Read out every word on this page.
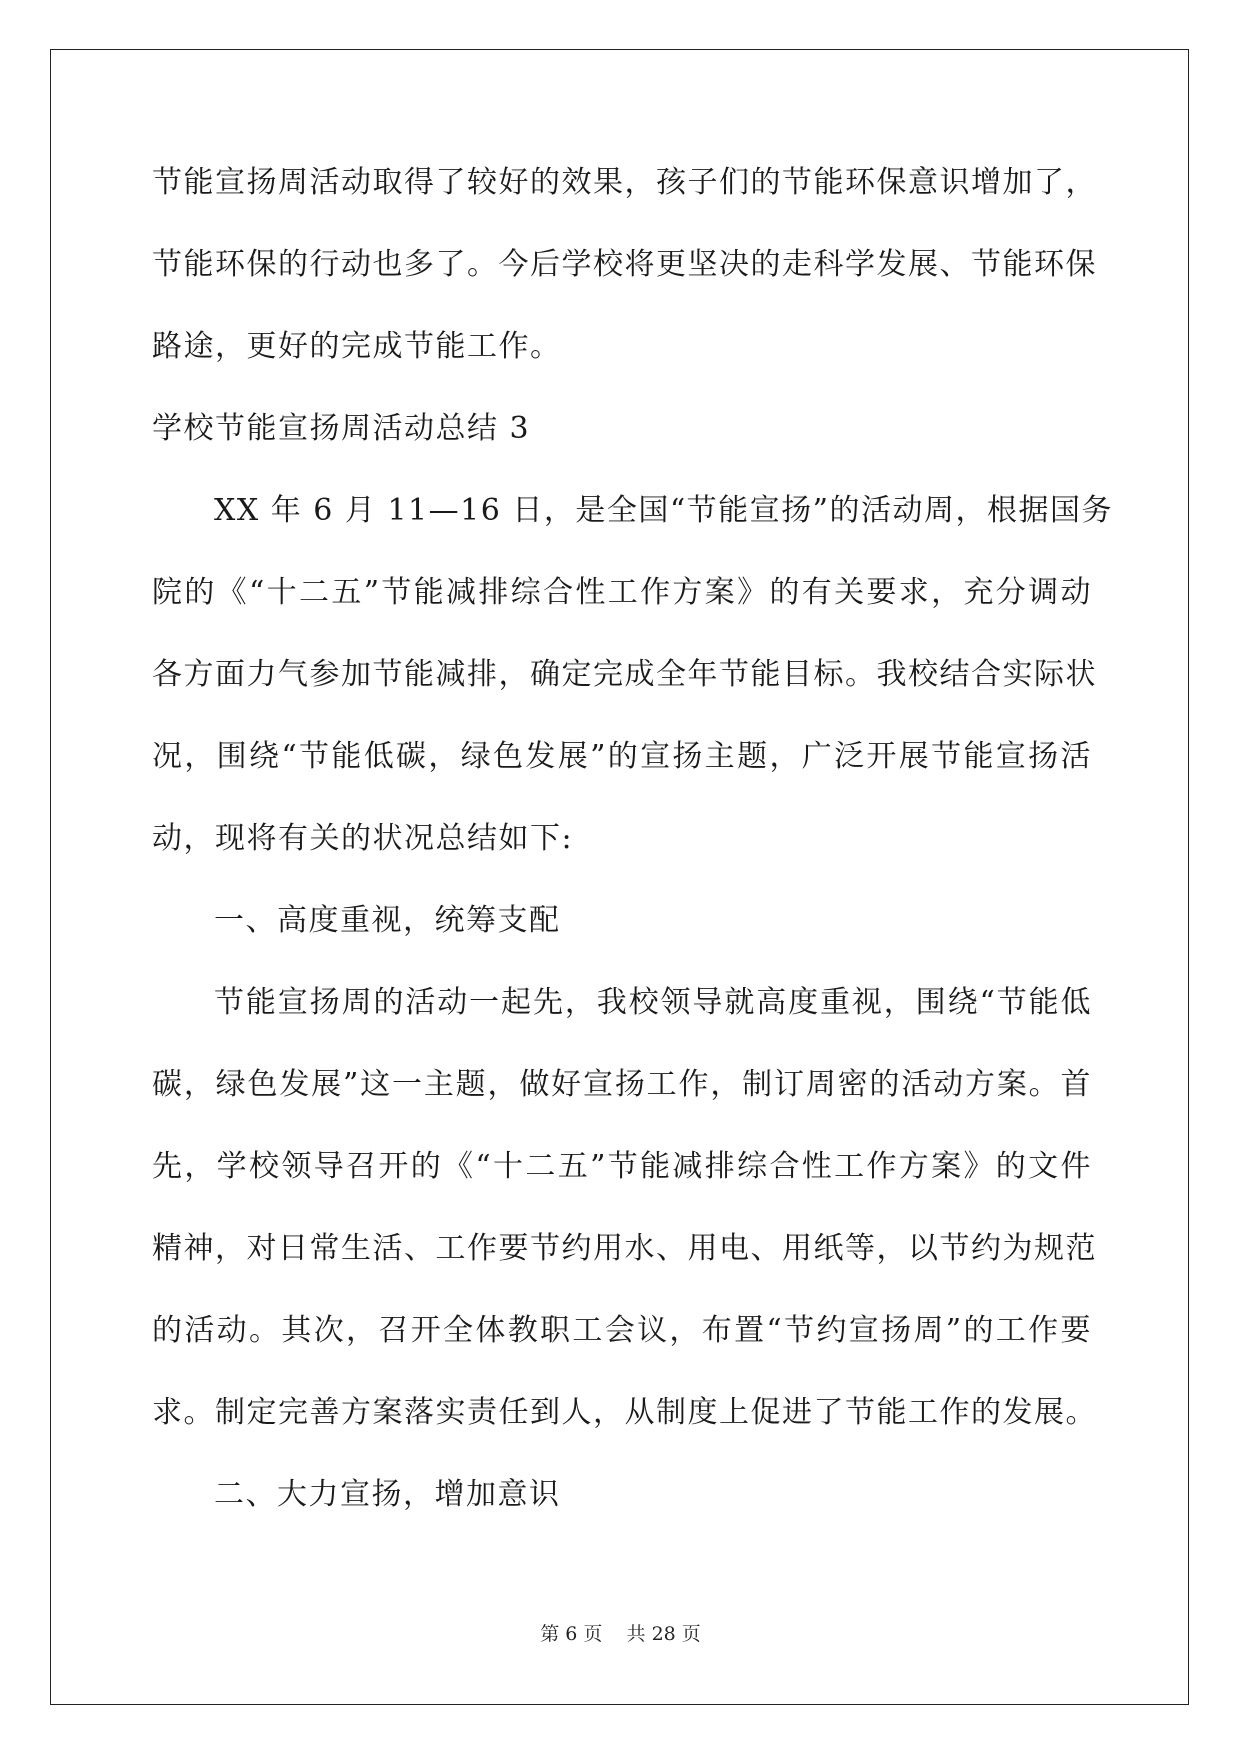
节能宣扬周活动取得了较好的效果，孩子们的节能环保意识增加了，
节能环保的行动也多了。今后学校将更坚决的走科学发展、节能环保
路途，更好的完成节能工作。
学校节能宣扬周活动总结 3
XX 年 6 月 11—16 日，是全国“节能宣扬”的活动周，根据国务
院的《“十二五”节能减排综合性工作方案》的有关要求，充分调动
各方面力气参加节能减排，确定完成全年节能目标。我校结合实际状
况，围绕“节能低碳，绿色发展”的宣扬主题，广泛开展节能宣扬活
动，现将有关的状况总结如下:
一、高度重视，统筹支配
节能宣扬周的活动一起先，我校领导就高度重视，围绕“节能低
碳，绿色发展”这一主题，做好宣扬工作，制订周密的活动方案。首
先，学校领导召开的《“十二五”节能减排综合性工作方案》的文件
精神，对日常生活、工作要节约用水、用电、用纸等，以节约为规范
的活动。其次，召开全体教职工会议，布置“节约宣扬周”的工作要
求。制定完善方案落实责任到人，从制度上促进了节能工作的发展。
二、大力宣扬，增加意识
第 6 页 共 28 页
